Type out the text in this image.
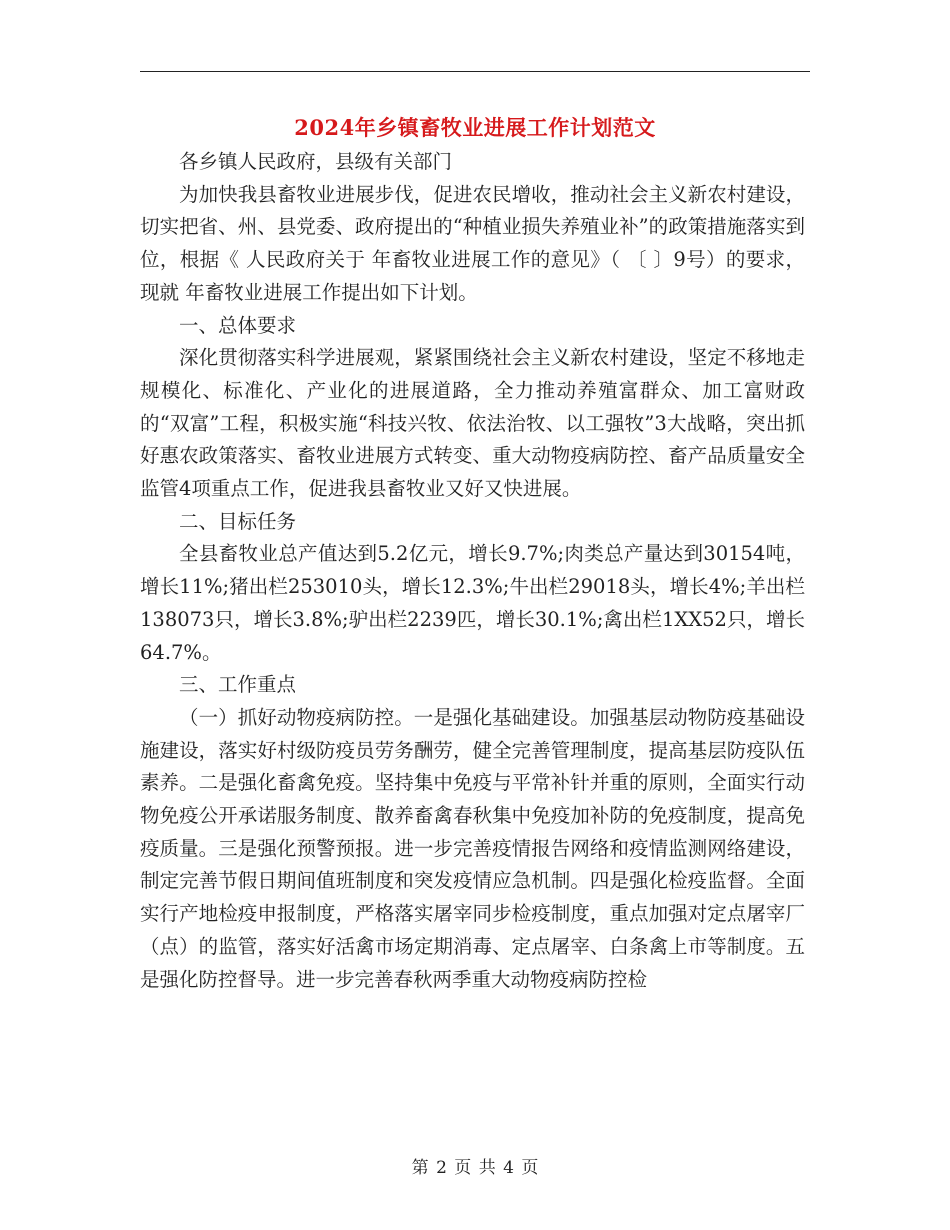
2024年乡镇畜牧业进展工作计划范文

各乡镇人民政府，县级有关部门

为加快我县畜牧业进展步伐，促进农民增收，推动社会主义新农村建设，切实把省、州、县党委、政府提出的“种植业损失养殖业补”的政策措施落实到位，根据《 人民政府关于 年畜牧业进展工作的意见》（ 〔 〕9号）的要求，现就 年畜牧业进展工作提出如下计划。

一、总体要求

深化贯彻落实科学进展观，紧紧围绕社会主义新农村建设，坚定不移地走规模化、标准化、产业化的进展道路，全力推动养殖富群众、加工富财政的“双富”工程，积极实施“科技兴牧、依法治牧、以工强牧”3大战略，突出抓好惠农政策落实、畜牧业进展方式转变、重大动物疫病防控、畜产品质量安全监管4项重点工作，促进我县畜牧业又好又快进展。

二、目标任务

全县畜牧业总产值达到5.2亿元，增长9.7%;肉类总产量达到30154吨，增长11%;猪出栏253010头，增长12.3%;牛出栏29018头，增长4%;羊出栏138073只，增长3.8%;驴出栏2239匹，增长30.1%;禽出栏1XX52只，增长64.7%。

三、工作重点

（一）抓好动物疫病防控。一是强化基础建设。加强基层动物防疫基础设施建设，落实好村级防疫员劳务酬劳，健全完善管理制度，提高基层防疫队伍素养。二是强化畜禽免疫。坚持集中免疫与平常补针并重的原则，全面实行动物免疫公开承诺服务制度、散养畜禽春秋集中免疫加补防的免疫制度，提高免疫质量。三是强化预警预报。进一步完善疫情报告网络和疫情监测网络建设，制定完善节假日期间值班制度和突发疫情应急机制。四是强化检疫监督。全面实行产地检疫申报制度，严格落实屠宰同步检疫制度，重点加强对定点屠宰厂（点）的监管，落实好活禽市场定期消毒、定点屠宰、白条禽上市等制度。五是强化防控督导。进一步完善春秋两季重大动物疫病防控检

第 2 页 共 4 页
